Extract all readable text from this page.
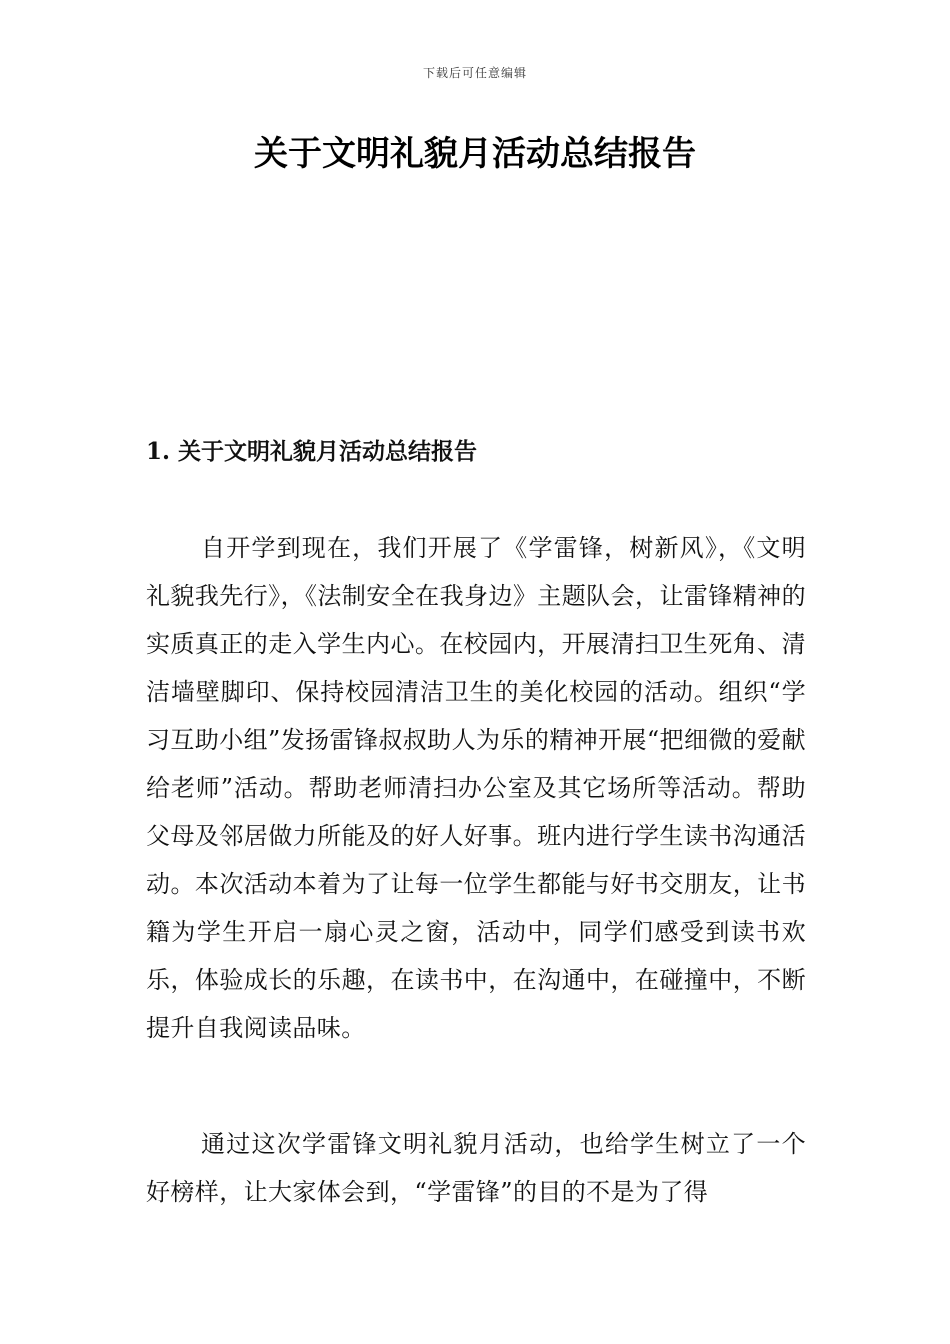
下载后可任意编辑
关于文明礼貌月活动总结报告
1. 关于文明礼貌月活动总结报告

自开学到现在，我们开展了《学雷锋，树新风》，《文明礼貌我先行》，《法制安全在我身边》主题队会，让雷锋精神的实质真正的走入学生内心。在校园内，开展清扫卫生死角、清洁墙壁脚印、保持校园清洁卫生的美化校园的活动。组织“学习互助小组”发扬雷锋叔叔助人为乐的精神开展“把细微的爱献给老师”活动。帮助老师清扫办公室及其它场所等活动。帮助父母及邻居做力所能及的好人好事。班内进行学生读书沟通活动。本次活动本着为了让每一位学生都能与好书交朋友，让书籍为学生开启一扇心灵之窗，活动中，同学们感受到读书欢乐，体验成长的乐趣，在读书中，在沟通中，在碰撞中，不断提升自我阅读品味。

通过这次学雷锋文明礼貌月活动，也给学生树立了一个好榜样，让大家体会到，“学雷锋”的目的不是为了得
